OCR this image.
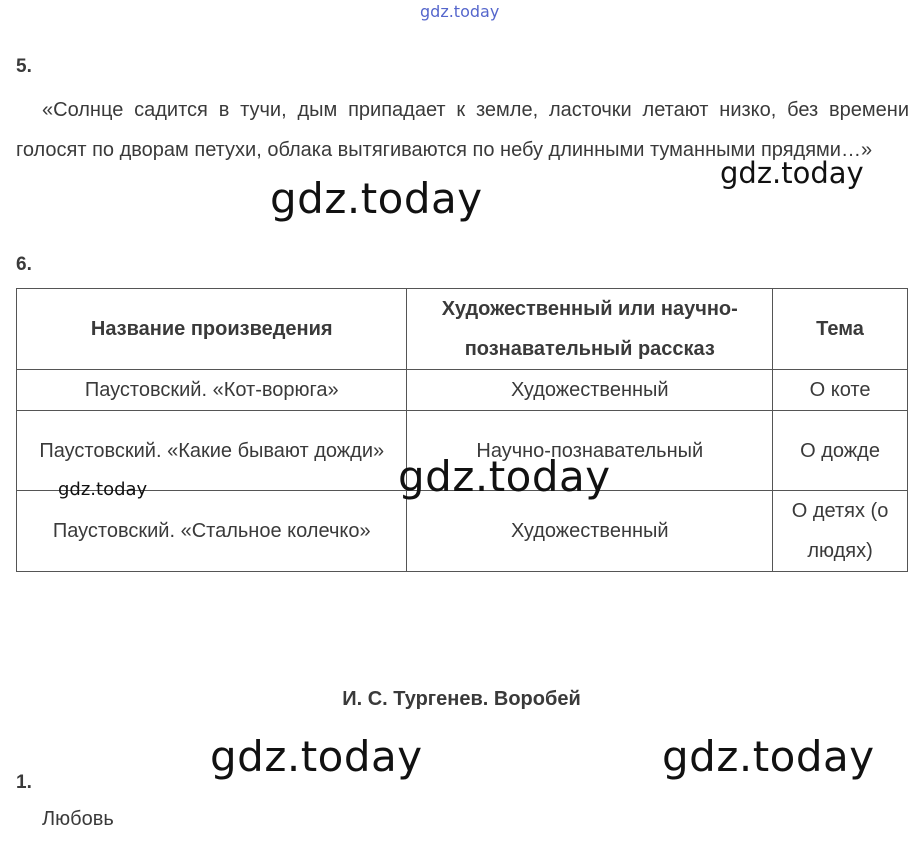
gdz.today
5.
«Солнце садится в тучи, дым припадает к земле, ласточки летают низко, без времени голосят по дворам петухи, облака вытягиваются по небу длинными туманными прядями…»
gdz.today
gdz.today
6.
Название произведения	Художественный или научно-познавательный рассказ	Тема
Паустовский. «Кот-ворюга»	Художественный	О коте
Паустовский. «Какие бывают дожди»	Научно-познавательный	О дожде
Паустовский. «Стальное колечко»	Художественный	О детях (о людях)
gdz.today
gdz.today
И. С. Тургенев. Воробей
gdz.today	gdz.today
1.
Любовь
